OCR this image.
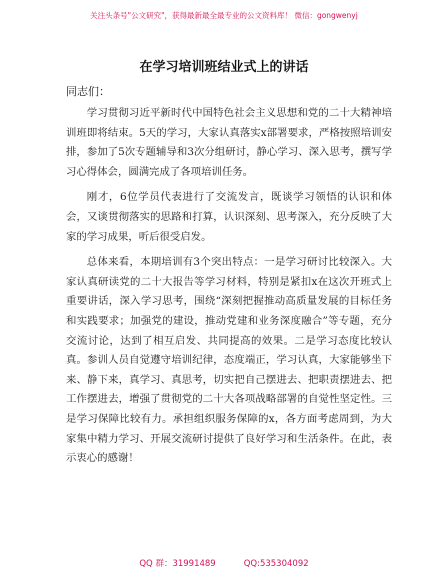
关注头条号"公文研究"，获得最新最全最专业的公文资料库！ 微信：gongwenyj
在学习培训班结业式上的讲话

同志们：

学习贯彻习近平新时代中国特色社会主义思想和党的二十大精神培训班即将结束。5天的学习，大家认真落实x部署要求，严格按照培训安排，参加了5次专题辅导和3次分组研讨，静心学习、深入思考，撰写学习心得体会，圆满完成了各项培训任务。

刚才，6位学员代表进行了交流发言，既谈学习领悟的认识和体会，又谈贯彻落实的思路和打算，认识深刻、思考深入，充分反映了大家的学习成果，听后很受启发。

总体来看，本期培训有3个突出特点：一是学习研讨比较深入。大家认真研读党的二十大报告等学习材料，特别是紧扣x在这次开班式上重要讲话，深入学习思考，围绕“深刻把握推动高质量发展的目标任务和实践要求；加强党的建设，推动党建和业务深度融合”等专题，充分交流讨论，达到了相互启发、共同提高的效果。二是学习态度比较认真。参训人员自觉遵守培训纪律，态度端正，学习认真，大家能够坐下来、静下来，真学习、真思考，切实把自己摆进去、把职责摆进去、把工作摆进去，增强了贯彻党的二十大各项战略部署的自觉性坚定性。三是学习保障比较有力。承担组织服务保障的x，各方面考虑周到，为大家集中精力学习、开展交流研讨提供了良好学习和生活条件。在此，表示衷心的感谢！

QQ 群：31991489	QQ:535304092
